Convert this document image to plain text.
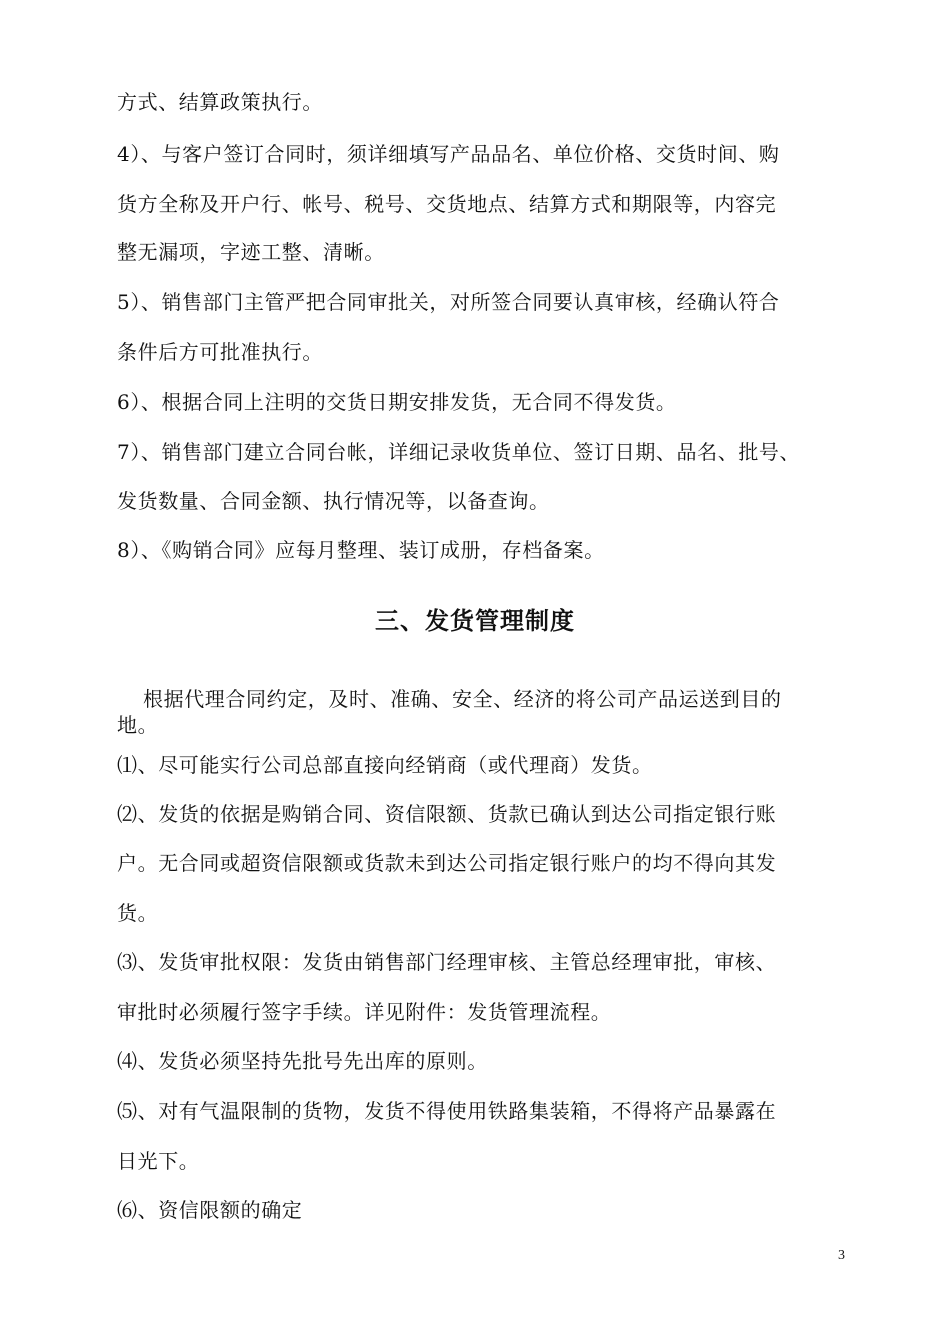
方式、结算政策执行。
4）、与客户签订合同时，须详细填写产品品名、单位价格、交货时间、购
货方全称及开户行、帐号、税号、交货地点、结算方式和期限等，内容完
整无漏项，字迹工整、清晰。
5）、销售部门主管严把合同审批关，对所签合同要认真审核，经确认符合
条件后方可批准执行。
6）、根据合同上注明的交货日期安排发货，无合同不得发货。
7）、销售部门建立合同台帐，详细记录收货单位、签订日期、品名、批号、
发货数量、合同金额、执行情况等，以备查询。
8）、《购销合同》应每月整理、装订成册，存档备案。
三、发货管理制度
根据代理合同约定，及时、准确、安全、经济的将公司产品运送到目的
地。
⑴、尽可能实行公司总部直接向经销商（或代理商）发货。
⑵、发货的依据是购销合同、资信限额、货款已确认到达公司指定银行账
户。无合同或超资信限额或货款未到达公司指定银行账户的均不得向其发
货。
⑶、发货审批权限：发货由销售部门经理审核、主管总经理审批，审核、
审批时必须履行签字手续。详见附件：发货管理流程。
⑷、发货必须坚持先批号先出库的原则。
⑸、对有气温限制的货物，发货不得使用铁路集装箱，不得将产品暴露在
日光下。
⑹、资信限额的确定
3
